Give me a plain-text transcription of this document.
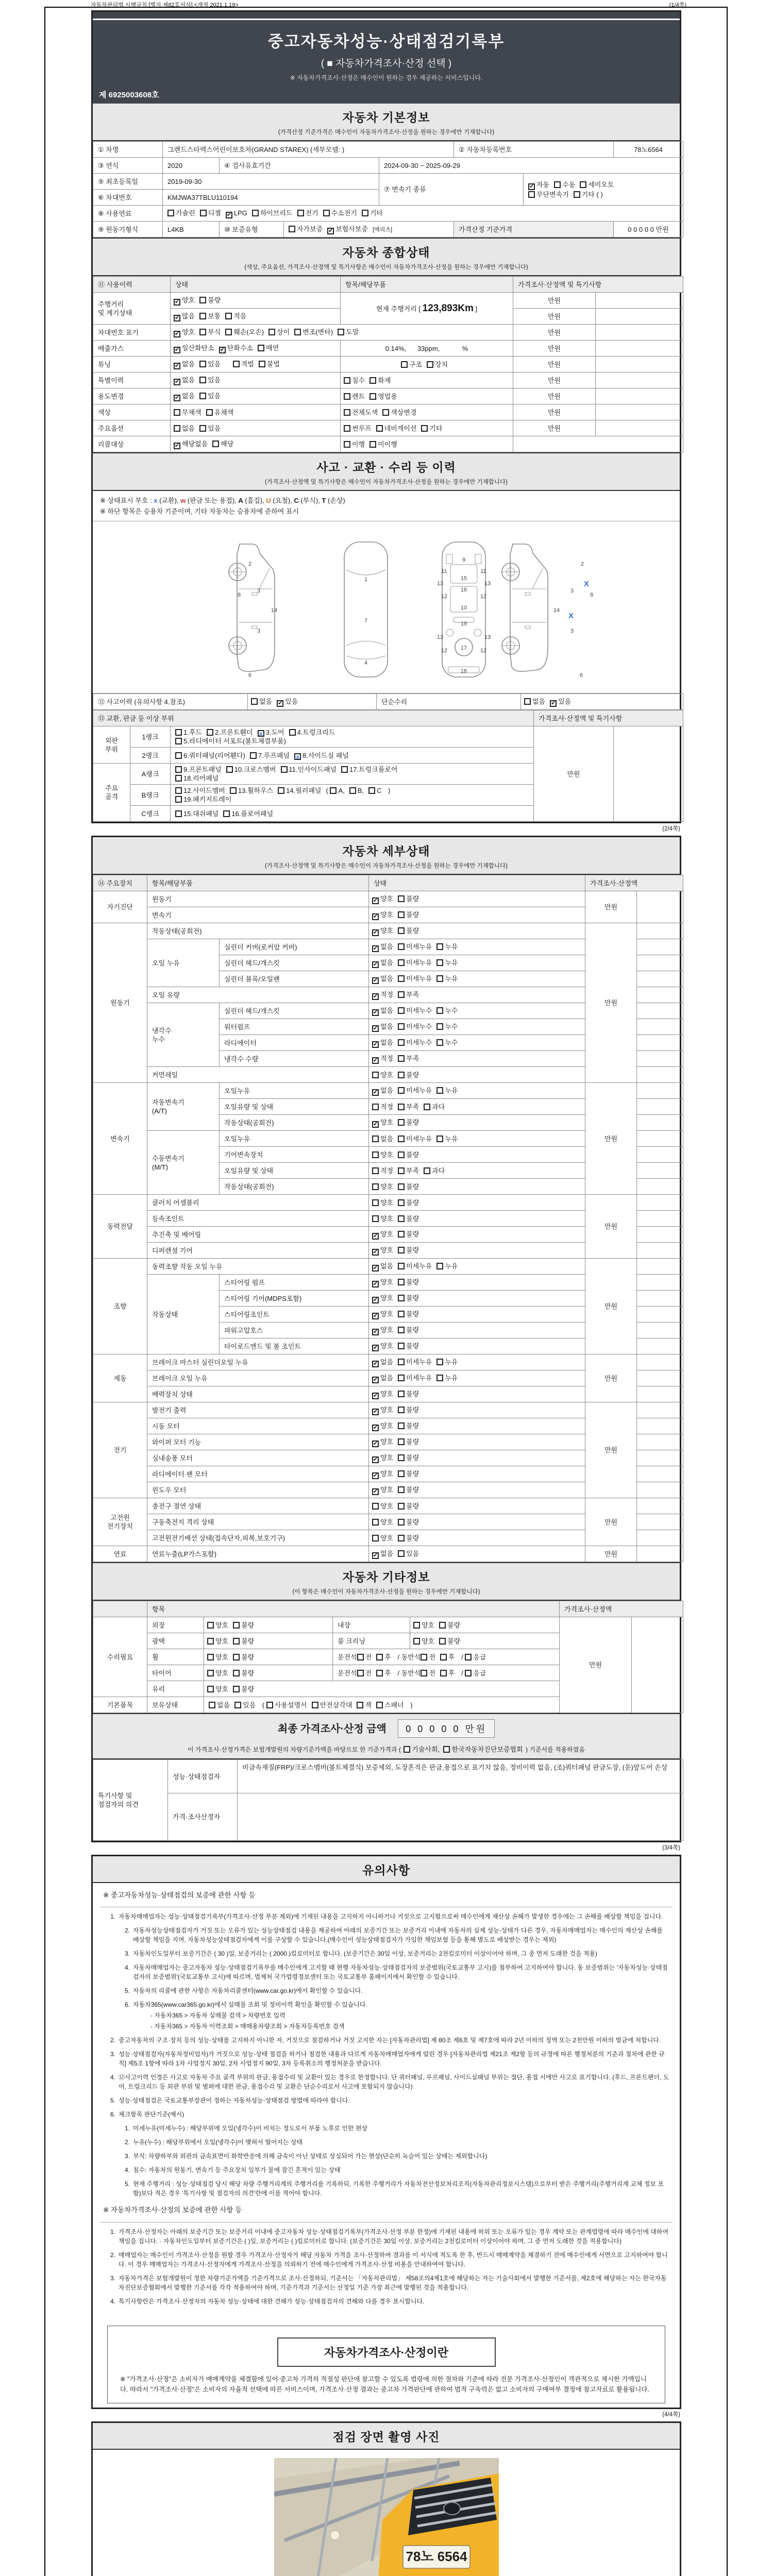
자동차관리법 시행규칙 [별지 제82호서식] <개정 2021.1.19>	(1/4쪽)
중고자동차성능·상태점검기록부
( ■ 자동차가격조사·산정 선택 )
※ 자동차가격조사·산정은 매수인이 원하는 경우 제공하는 서비스입니다.
제 6925003608호
자동차 기본정보
(가격산정 기준가격은 매수인이 자동차가격조사·산정을 원하는 경우에만 기재합니다)
① 차명	그랜드스타렉스어린이보호차(GRAND STAREX) (세부모델: )				② 자동차등록번호		78노6564
③ 연식	2020	④ 검사유효기간		2024-09-30 ~ 2025-09-29			
⑤ 최초등록일	2019-09-30			⑦ 변속기 종류		✔ 자동 수동 세미오토
무단변속기 기타 ( )	
⑥ 차대번호	KMJWA37TBLU110194						
⑧ 사용연료	가솔린 디젤 ✔ LPG 하이브리드 전기 수소전기 기타						
⑨ 원동기형식	L4KB	⑩ 보증유형	자가보증 ✔ 보험사보증 [메리츠]		가격산정 기준가격		0 0 0 0 0 만원
자동차 종합상태
(색상, 주요옵션, 가격조사·산정액 및 특기사항은 매수인이 자동차가격조사·산정을 원하는 경우에만 기재합니다)
⑪ 사용이력	상태	항목/해당부품	가격조사·산정액 및 특기사항	
주행거리
및 계기상태	✔ 양호 불량	현재 주행거리 [ 123,893Km ]	만원	
	✔ 많음 보통 적음		만원	
차대번호 표기	✔ 양호 부식 훼손(오손) 상이 변조(변타) 도말		만원	
배출가스	✔ 일산화탄소 ✔ 탄화수소 매연	0.14%,      33ppm,            %	만원	
튜닝	✔ 없음 있음 적법 불법	구조 장치	만원	
특별이력	✔ 없음 있음	침수 화재	만원	
용도변경	✔ 없음 있음	렌트 영업용	만원	
색상	무채색 유채색	전체도색 색상변경	만원	
주요옵션	없음 있음	썬루프 네비게이션 기타	만원	
리콜대상	✔ 해당없음 해당	이행 미이행		
사고 · 교환 · 수리 등 이력
(가격조사·산정액 및 특기사항은 매수인이 자동차가격조사·산정을 원하는 경우에만 기재합니다)
※ 상태표시 부호 : x (교환), w (판금 또는 용접), A (흠집), U (요철), C (부식), T (손상)
※ 하단 항목은 승용차 기준이며, 기타 자동차는 승용차에 준하여 표시
2
8
3
14
3
6
1
7
4
9
11	11
13	13
12	12
16
19
13	13
12	12
17
18
15
10
2
8
3
14
3
6
X
X
⑫ 사고이력 (유의사항 4.참조)	없음 ✔ 있음	단순수리	없음 ✔ 있음
⑬ 교환, 판금 등 이상 부위			가격조사·산정액 및 특기사항	
외판
부위	1랭크	1.후드 2.프론트휀더 x 3.도어 4.트렁크리드
5.라디에이터 서포트(볼트체결부품)	만원	
	2랭크	6.쿼터패널(리어휀다) 7.루프패널 x 8.사이드실 패널		
주요
골격	A랭크	9.프론트패널 10.크로스멤버 11.인사이드패널 17.트렁크플로어
18.리어패널		
	B랭크	12.사이드멤버 13.휠하우스 14.필러패널 ( A, B, C )
19.패키지트레이		
	C랭크	15.대쉬패널 16.플로어패널		
(2/4쪽)
자동차 세부상태
(가격조사·산정액 및 특기사항은 매수인이 자동차가격조사·산정을 원하는 경우에만 기재합니다)
⑭ 주요장치	항목/해당부품		상태	가격조사·산정액	
자기진단	원동기		✔ 양호 불량	만원	
	변속기		✔ 양호 불량		
원동기	작동상태(공회전)		✔ 양호 불량	만원	
	오일 누유	실린더 커버(로커암 커버)	✔ 없음 미세누유 누유		
		실린더 헤드/개스킷	✔ 없음 미세누유 누유		
		실린더 블록/오일팬	✔ 없음 미세누유 누유		
	오일 유량		✔ 적정 부족		
	냉각수
누수	실린더 헤드/개스킷	✔ 없음 미세누수 누수		
		워터펌프	✔ 없음 미세누수 누수		
		라디에이터	✔ 없음 미세누수 누수		
		냉각수 수량	✔ 적정 부족		
	커먼레일		양호 불량		
변속기	자동변속기
(A/T)	오일누유	✔ 없음 미세누유 누유	만원	
		오일유량 및 상태	적정 부족 과다		
		작동상태(공회전)	✔ 양호 불량		
	수동변속기
(M/T)	오일누유	없음 미세누유 누유		
		기어변속장치	양호 불량		
		오일유량 및 상태	적정 부족 과다		
		작동상태(공회전)	양호 불량		
동력전달	클러치 어셈블리		양호 불량	만원	
	등속조인트		양호 불량		
	추진축 및 베어링		✔ 양호 불량		
	디퍼렌셜 기어		✔ 양호 불량		
조향	동력조향 작동 오일 누유		✔ 없음 미세누유 누유	만원	
	작동상태	스티어링 펌프	✔ 양호 불량		
		스티어링 기어(MDPS포함)	✔ 양호 불량		
		스티어링조인트	✔ 양호 불량		
		파워고압호스	✔ 양호 불량		
		타이로드엔드 및 볼 조인트	✔ 양호 불량		
제동	브레이크 마스터 실린더오일 누유		✔ 없음 미세누유 누유	만원	
	브레이크 오일 누유		✔ 없음 미세누유 누유		
	배력장치 상태		✔ 양호 불량		
전기	발전기 출력		✔ 양호 불량	만원	
	시동 모터		✔ 양호 불량		
	와이퍼 모터 기능		✔ 양호 불량		
	실내송풍 모터		✔ 양호 불량		
	라디에이터 팬 모터		✔ 양호 불량		
	윈도우 모터		✔ 양호 불량		
고전원
전기장치	충전구 절연 상태		양호 불량	만원	
	구동축전지 격리 상태		양호 불량		
	고전원전기배선 상태(접속단자,피복,보호기구)		양호 불량		
연료	연료누출(LP가스포함)		✔ 없음 있음	만원	
자동차 기타정보
(이 항목은 매수인이 자동차가격조사·산정을 원하는 경우에만 기재합니다)
	항목				가격조사·산정액	
수리필요	외장	양호 불량	내장	양호 불량	만원	
	광택	양호 불량	룸 크리닝	양호 불량		
	휠	양호 불량	운전석 전 후 / 동반석 전 후 / 응급			
	타이어	양호 불량	운전석 전 후 / 동반석 전 후 / 응급			
	유리	양호 불량				
기본품목	보유상태	없음 있음 ( 사용설명서 안전삼각대 잭 스패너 )				
최종 가격조사·산정 금액 0 0 0 0 0 만원
이 가격조사·산정가격은 보험개발원의 차량기준가액을 바탕으로 한 기준가격과 ( 기술사회, 한국자동차진단보증협회 ) 기준서를 적용하였음
특기사항 및
점검자의 의견	성능·상태점검자	비금속재질(FRP)/크로스멤버(볼트체결식) 보증제외, 도장흔적은 판금,용접으로 표기치 않음, 정비이력 없음, (조)쿼터패널 판금도장, (운)앞도어 손상
	가격·조사산정자	
(3/4쪽)
유의사항
※ 중고자동차성능·상태점검의 보증에 관한 사항 등
1. 자동차매매업자는 성능·상태점검기록부(가격조사·산정 부분 제외)에 기재된 내용을 고지하지 아니하거나 거짓으로 고지함으로써 매수인에게 재산상 손해가 발생한 경우에는 그 손해를 배상할 책임을 집니다.
2. 자동차성능상태점검자가 거짓 또는 오류가 있는 성능상태점검 내용을 제공하여 아래의 보증기간 또는 보증거리 이내에 자동차의 실제 성능·상태가 다른 경우, 자동차매매업자는 매수인의 재산상 손해를 배상할 책임을 지며, 자동차성능상태점검자에게 이를 구상할 수 있습니다.(매수인이 성능상태점검자가 가입한 책임보험 등을 통해 별도로 배상받는 경우는 제외)
3. 자동차인도일부터 보증기간은 ( 30 )일, 보증거리는 ( 2000 )킬로미터로 합니다. (보증기간은 30일 이상, 보증거리는 2천킬로미터 이상이어야 하며, 그 중 먼저 도래한 것을 적용)
4. 자동차매매업자는 중고자동차 성능·상태점검기록부를 매수인에게 고지할 때 현행 자동차성능·상태점검자의 보증범위(국토교통부 고시)를 첨부하여 고지하여야 합니다. 동 보증범위는 '자동차성능·상태점검자의 보증범위'(국토교통부 고시)에 따르며, 법제처 국가법령정보센터 또는 국토교통부 홈페이지에서 확인할 수 있습니다.
5. 자동차의 리콜에 관한 사항은 자동차리콜센터(www.car.go.kr)에서 확인할 수 있습니다.
6. 자동차365(www.car365.go.kr)에서 실매물 조회 및 정비이력 확인을 확인할 수 있습니다.
- 자동차365 > 자동차 실매물 검색 > 차량번호 입력
- 자동차365 > 자동차 이력조회 > 매매용차량조회 > 자동차등록번호 검색
2. 중고자동차의 구조·장치 등의 성능·상태를 고지하지 아니한 자, 거짓으로 점검하거나 거짓 고지한 자는 [자동차관리법] 제 80조 제6호 및 제7호에 따라 2년 이하의 징역 또는 2천만원 이하의 벌금에 처합니다.
3. 성능·상태점검자(자동차정비업자)가 거짓으로 성능·상태 점검을 하거나 점검한 내용과 다르게 자동차매매업자에게 알린 경우 [자동차관리법 제21조 제2항 등의 규정에 따른 행정처분의 기준과 절차에 관한 규칙] 제5조 1항에 따라 1차 사업정지 30일, 2차 사업정지 90일, 3차 등록취소의 행정처분을 받습니다.
4. ⑫사고이력 인정은 사고로 자동차 주요 골격 부위의 판금, 용접수리 및 교환이 있는 경우로 한정합니다. 단 쿼터패널, 루프패널, 사이드실패널 부위는 절단, 용접 시에만 사고로 표기합니다. (후드, 프론트펜더, 도어, 트렁크리드 등 외판 부위 및 범퍼에 대한 판금, 용접수리 및 교환은 단순수리로서 사고에 포함되지 않습니다)
5. 성능·상태점검은 국토교통부장관이 정하는 자동차성능·상태점검 방법에 따라야 합니다.
6. 체크항목 판단기준(예시)
1. 미세누유(미세누수) : 해당부위에 오일(냉각수)이 비치는 정도로서 부품 노후로 인한 현상
2. 누유(누수) : 해당부위에서 오일(냉각수)이 맺혀서 떨어지는 상태
3. 부식: 차량하부와 외판의 금속표면이 화학반응에 의해 금속이 아닌 상태로 상실되어 가는 현상(단순히 녹슬어 있는 상태는 제외합니다)
4. 침수: 자동차의 원동기, 변속기 등 주요장치 일부가 물에 잠긴 흔적이 있는 상태
5. 현재 주행거리 : 성능·상태점검 당시 해당 차량 주행거리계의 주행거리를 기록하되, 기록한 주행거리가 자동차전산정보처리조직(자동차관리정보시스템)으로부터 받은 주행거리(주행거리계 교체 정보 포함)보다 적은 경우 '특기사항 및 점검자의 의견'란에 이를 적어야 합니다.
※ 자동차가격조사·산정의 보증에 관한 사항 등
1. 가격조사·산정자는 아래의 보증기간 또는 보증거리 이내에 중고자동차 성능·상태점검기록부(가격조사·산정 부분 한정)에 기재된 내용에 허위 또는 오류가 있는 경우 계약 또는 관계법령에 따라 매수인에 대하여 책임을 집니다. · 자동차인도일부터 보증기간은 ( )일, 보증거리는 ( )킬로미터로 합니다. (보증기간은 30일 이상, 보증거리는 2천킬로미터 이상이어야 하며, 그 중 먼저 도래한 것을 적용합니다)
2. 매매업자는 매수인이 가격조사·산정을 원할 경우 가격조사·산정자가 해당 자동차 가격을 조사·산정하여 결과를 이 서식에 적도록 한 후, 반드시 매매계약을 체결하기 전에 매수인에게 서면으로 고지하여야 합니다. 이 경우 매매업자는 가격조사·산정자에게 가격조사·산정을 의뢰하기 전에 매수인에게 가격조사·산정 비용을 안내하여야 합니다.
3. 자동차가격은 보험개발원이 정한 차량기준가액을 기준가격으로 조사·산정하되, 기준서는 「자동차관리법」 제58조의4제1호에 해당하는 자는 기술사회에서 발행한 기준서를, 제2호에 해당하는 자는 한국자동차진단보증협회에서 발행한 기준서를 각각 적용하여야 하며, 기준가격과 기준서는 산정일 기준 가장 최근에 발행된 것을 적용합니다.
4. 특기사항란은 가격조사·산정자의 자동차 성능·상태에 대한 견해가 성능·상태점검자의 견해와 다를 경우 표시합니다.
자동차가격조사·산정이란
※ "가격조사·산정"은 소비자가 매매계약을 체결함에 있어 중고차 가격의 적절성 판단에 참고할 수 있도록 법령에 의한 절차와 기준에 따라 전문 가격조사·산정인이 객관적으로 제시한 가액입니다. 따라서 "가격조사·산정"은 소비자의 자율적 선택에 따른 서비스이며, 가격조사·산정 결과는 중고차 가격판단에 관하여 법적 구속력은 없고 소비자의 구매여부 결정에 참고자료로 활용됩니다.
(4/4쪽)
점검 장면 촬영 사진
78노 6564
